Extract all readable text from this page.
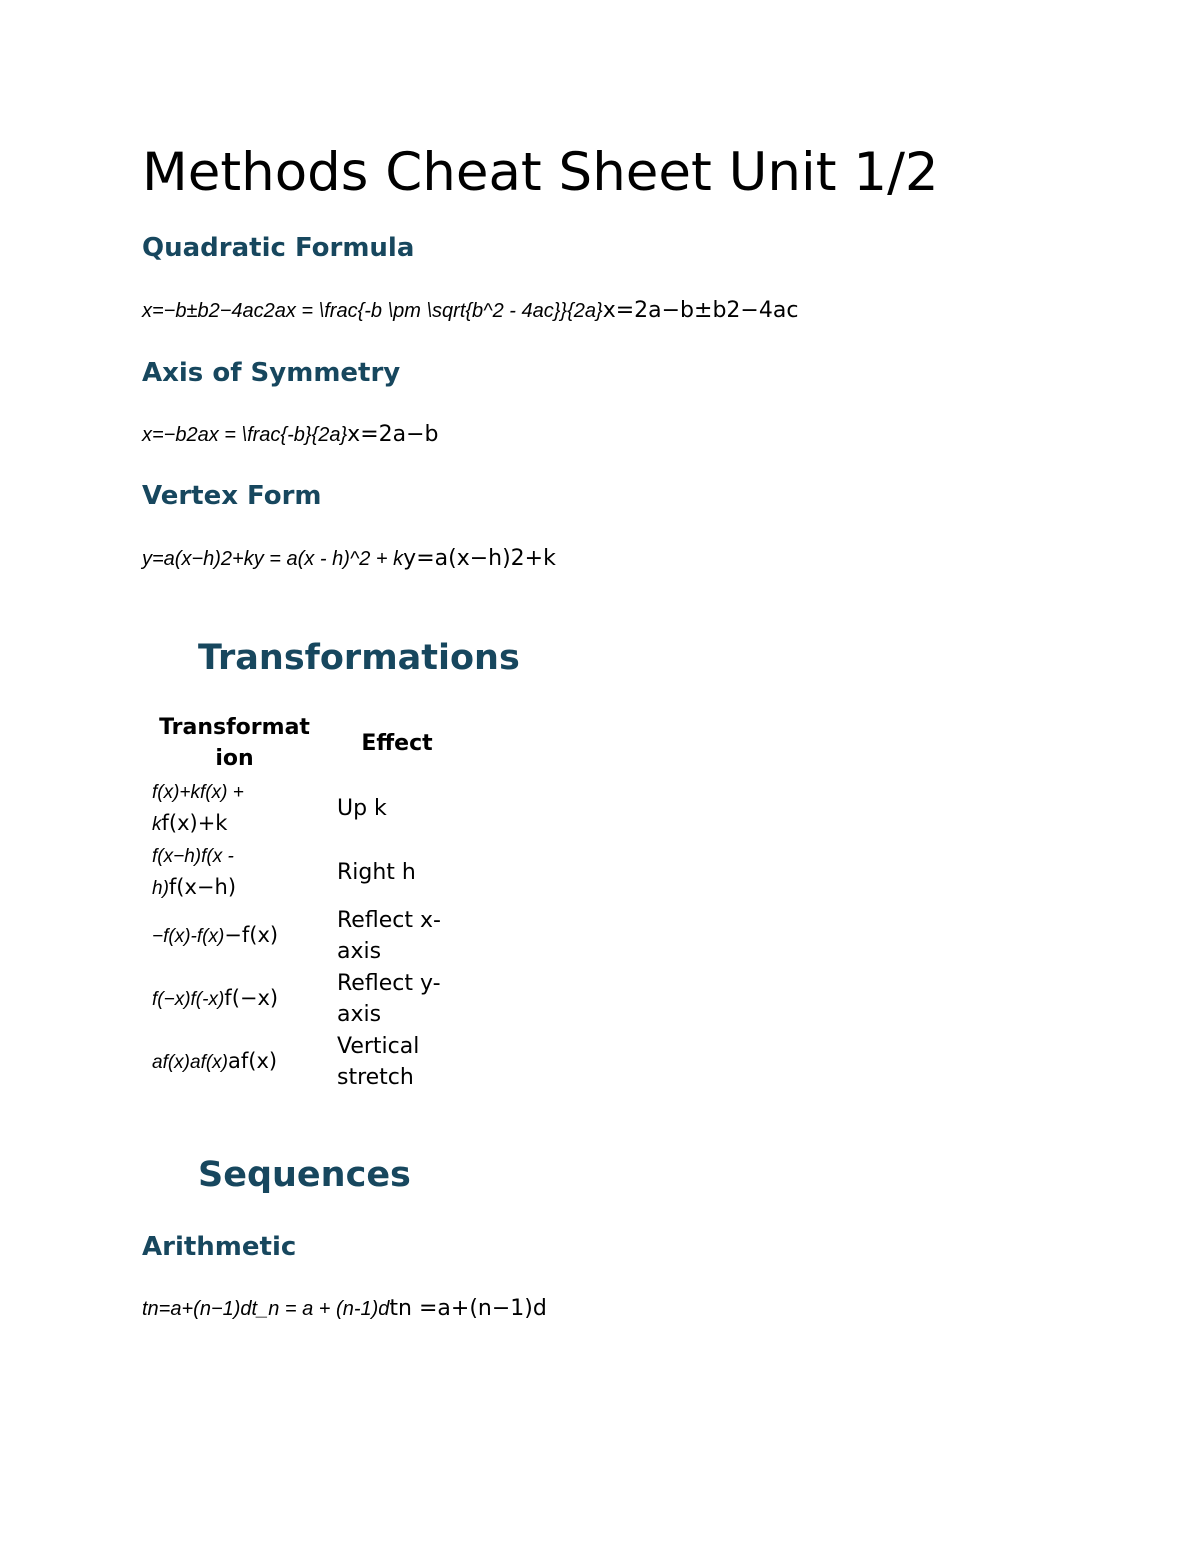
Methods Cheat Sheet Unit 1/2
Quadratic Formula
x=−b±b2−4ac2ax = \frac{-b \pm \sqrt{b^2 - 4ac}}{2a}x=2a−b±b2−4ac
Axis of Symmetry
x=−b2ax = \frac{-b}{2a}x=2a−b
Vertex Form
y=a(x−h)2+ky = a(x - h)^2 + ky=a(x−h)2+k
Transformations
Transformat ion	Effect
f(x)+kf(x) + kf(x)+k	Up k
f(x−h)f(x - h)f(x−h)	Right h
−f(x)-f(x)−f(x)	Reflect x-axis
f(−x)f(-x)f(−x)	Reflect y-axis
af(x)af(x)af(x)	Vertical stretch
Sequences
Arithmetic
tn=a+(n−1)dt_n = a + (n-1)dtn =a+(n−1)d
